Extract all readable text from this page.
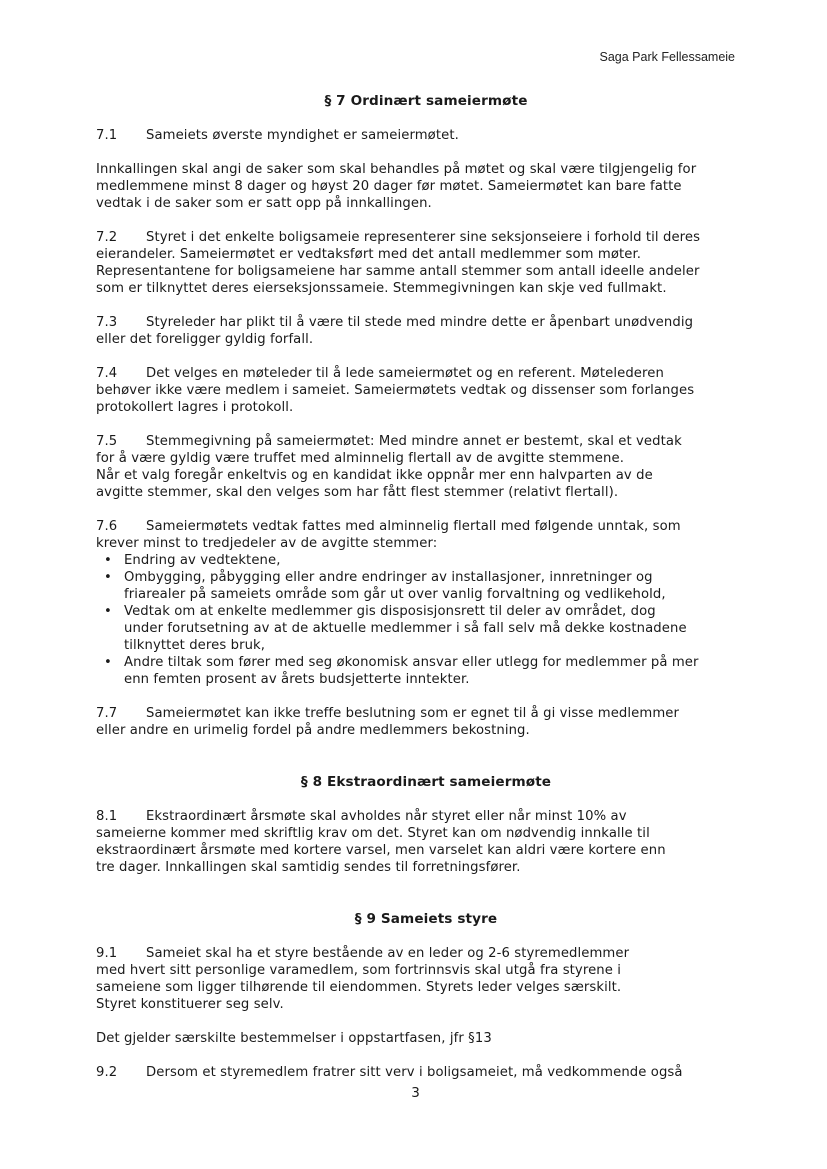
Saga Park Fellessameie
§ 7 Ordinært sameiermøte
7.1 Sameiets øverste myndighet er sameiermøtet.
Innkallingen skal angi de saker som skal behandles på møtet og skal være tilgjengelig for
medlemmene minst 8 dager og høyst 20 dager før møtet. Sameiermøtet kan bare fatte
vedtak i de saker som er satt opp på innkallingen.
7.2 Styret i det enkelte boligsameie representerer sine seksjonseiere i forhold til deres
eierandeler. Sameiermøtet er vedtaksført med det antall medlemmer som møter.
Representantene for boligsameiene har samme antall stemmer som antall ideelle andeler
som er tilknyttet deres eierseksjonssameie. Stemmegivningen kan skje ved fullmakt.
7.3 Styreleder har plikt til å være til stede med mindre dette er åpenbart unødvendig
eller det foreligger gyldig forfall.
7.4 Det velges en møteleder til å lede sameiermøtet og en referent. Møtelederen
behøver ikke være medlem i sameiet. Sameiermøtets vedtak og dissenser som forlanges
protokollert lagres i protokoll.
7.5 Stemmegivning på sameiermøtet: Med mindre annet er bestemt, skal et vedtak
for å være gyldig være truffet med alminnelig flertall av de avgitte stemmene.
Når et valg foregår enkeltvis og en kandidat ikke oppnår mer enn halvparten av de
avgitte stemmer, skal den velges som har fått flest stemmer (relativt flertall).
7.6 Sameiermøtets vedtak fattes med alminnelig flertall med følgende unntak, som
krever minst to tredjedeler av de avgitte stemmer:
• Endring av vedtektene,
• Ombygging, påbygging eller andre endringer av installasjoner, innretninger og
friarealer på sameiets område som går ut over vanlig forvaltning og vedlikehold,
• Vedtak om at enkelte medlemmer gis disposisjonsrett til deler av området, dog
under forutsetning av at de aktuelle medlemmer i så fall selv må dekke kostnadene
tilknyttet deres bruk,
• Andre tiltak som fører med seg økonomisk ansvar eller utlegg for medlemmer på mer
enn femten prosent av årets budsjetterte inntekter.
7.7 Sameiermøtet kan ikke treffe beslutning som er egnet til å gi visse medlemmer
eller andre en urimelig fordel på andre medlemmers bekostning.
§ 8 Ekstraordinært sameiermøte
8.1 Ekstraordinært årsmøte skal avholdes når styret eller når minst 10% av
sameierne kommer med skriftlig krav om det. Styret kan om nødvendig innkalle til
ekstraordinært årsmøte med kortere varsel, men varselet kan aldri være kortere enn
tre dager. Innkallingen skal samtidig sendes til forretningsfører.
§ 9 Sameiets styre
9.1 Sameiet skal ha et styre bestående av en leder og 2-6 styremedlemmer
med hvert sitt personlige varamedlem, som fortrinnsvis skal utgå fra styrene i
sameiene som ligger tilhørende til eiendommen. Styrets leder velges særskilt.
Styret konstituerer seg selv.
Det gjelder særskilte bestemmelser i oppstartfasen, jfr §13
9.2 Dersom et styremedlem fratrer sitt verv i boligsameiet, må vedkommende også
3
